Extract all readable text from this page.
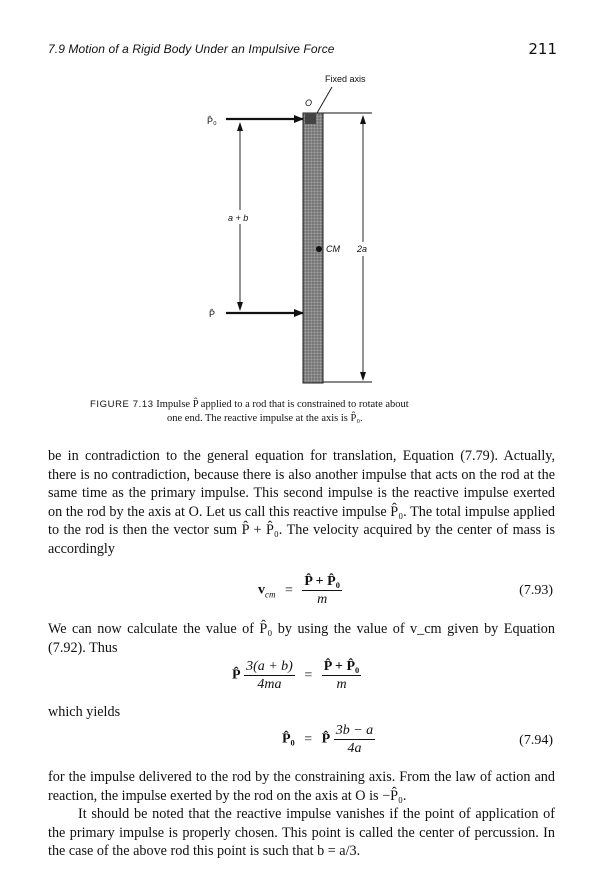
7.9 Motion of a Rigid Body Under an Impulsive Force	211
Fixed axis
O
P̂₀
P̂
a + b
CM 2a
FIGURE 7.13 Impulse P̂ applied to a rod that is constrained to rotate about
one end. The reactive impulse at the axis is P̂₀.
be in contradiction to the general equation for translation, Equation (7.79). Actually, there is no contradiction, because there is also another impulse that acts on the rod at the same time as the primary impulse. This second impulse is the reactive impulse exerted on the rod by the axis at O. Let us call this reactive impulse P̂₀. The total impulse applied to the rod is then the vector sum P̂ + P̂₀. The velocity acquired by the center of mass is accordingly
$v_{cm} = \frac{\text{P̂ + P̂₀}}{m}$	(7.93)
We can now calculate the value of P̂₀ by using the value of v_cm given by Equation (7.92). Thus
P̂ $\frac{3(a + b)}{4ma} = \frac{\text{P̂ + P̂₀}}{m}$
which yields
P̂₀ = P̂ $\frac{3b - a}{4a}$	(7.94)
for the impulse delivered to the rod by the constraining axis. From the law of action and reaction, the impulse exerted by the rod on the axis at O is −P̂₀.
It should be noted that the reactive impulse vanishes if the point of application of the primary impulse is properly chosen. This point is called the center of percussion. In the case of the above rod this point is such that b = a/3.
